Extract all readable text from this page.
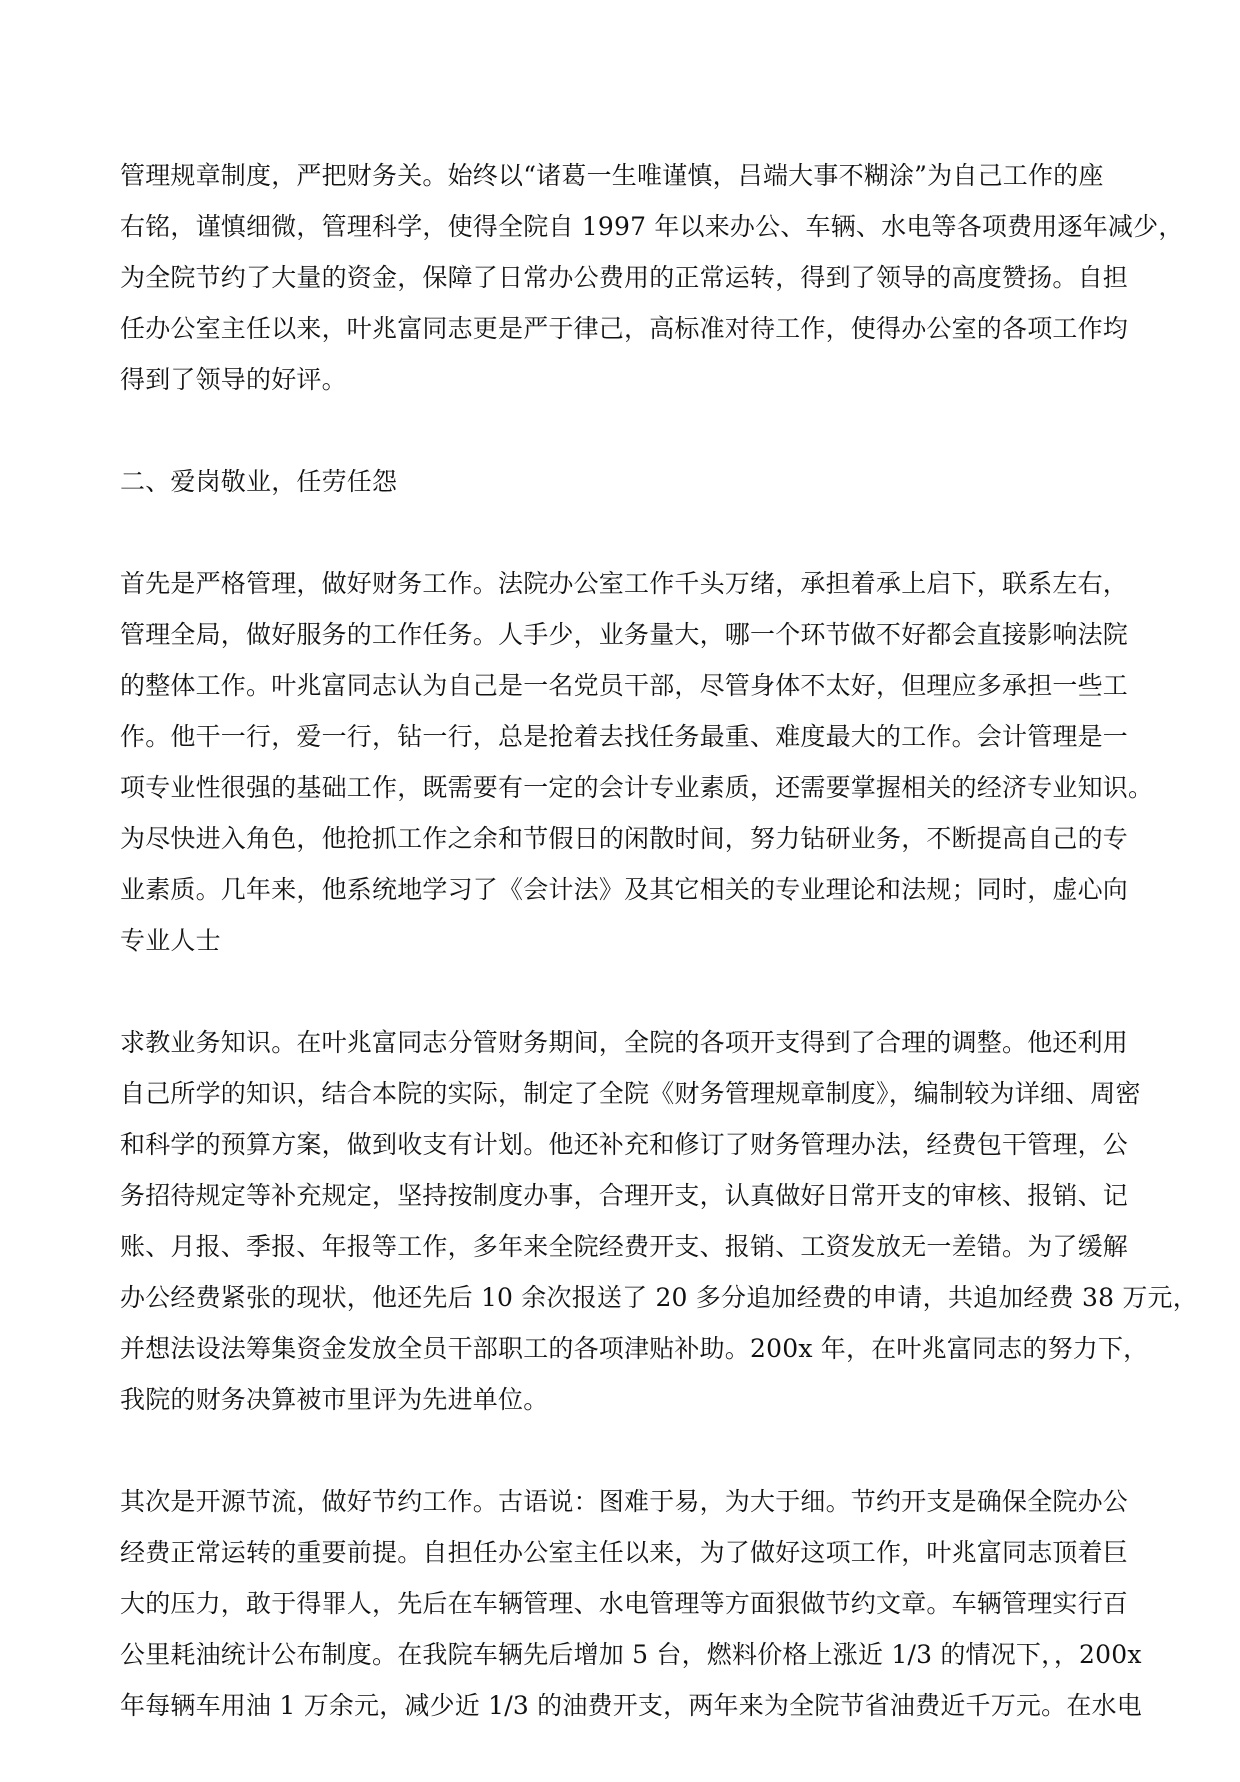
管理规章制度，严把财务关。始终以“诸葛一生唯谨慎，吕端大事不糊涂”为自己工作的座
右铭，谨慎细微，管理科学，使得全院自 1997 年以来办公、车辆、水电等各项费用逐年减少，
为全院节约了大量的资金，保障了日常办公费用的正常运转，得到了领导的高度赞扬。自担
任办公室主任以来，叶兆富同志更是严于律己，高标准对待工作，使得办公室的各项工作均
得到了领导的好评。
二、爱岗敬业，任劳任怨
首先是严格管理，做好财务工作。法院办公室工作千头万绪，承担着承上启下，联系左右，
管理全局，做好服务的工作任务。人手少，业务量大，哪一个环节做不好都会直接影响法院
的整体工作。叶兆富同志认为自己是一名党员干部，尽管身体不太好，但理应多承担一些工
作。他干一行，爱一行，钻一行，总是抢着去找任务最重、难度最大的工作。会计管理是一
项专业性很强的基础工作，既需要有一定的会计专业素质，还需要掌握相关的经济专业知识。
为尽快进入角色，他抢抓工作之余和节假日的闲散时间，努力钻研业务，不断提高自己的专
业素质。几年来，他系统地学习了《会计法》及其它相关的专业理论和法规；同时，虚心向
专业人士
求教业务知识。在叶兆富同志分管财务期间，全院的各项开支得到了合理的调整。他还利用
自己所学的知识，结合本院的实际，制定了全院《财务管理规章制度》，编制较为详细、周密
和科学的预算方案，做到收支有计划。他还补充和修订了财务管理办法，经费包干管理，公
务招待规定等补充规定，坚持按制度办事，合理开支，认真做好日常开支的审核、报销、记
账、月报、季报、年报等工作，多年来全院经费开支、报销、工资发放无一差错。为了缓解
办公经费紧张的现状，他还先后 10 余次报送了 20 多分追加经费的申请，共追加经费 38 万元，
并想法设法筹集资金发放全员干部职工的各项津贴补助。200x 年，在叶兆富同志的努力下，
我院的财务决算被市里评为先进单位。
其次是开源节流，做好节约工作。古语说：图难于易，为大于细。节约开支是确保全院办公
经费正常运转的重要前提。自担任办公室主任以来，为了做好这项工作，叶兆富同志顶着巨
大的压力，敢于得罪人，先后在车辆管理、水电管理等方面狠做节约文章。车辆管理实行百
公里耗油统计公布制度。在我院车辆先后增加 5 台，燃料价格上涨近 1/3 的情况下，，200x
年每辆车用油 1 万余元，减少近 1/3 的油费开支，两年来为全院节省油费近千万元。在水电
